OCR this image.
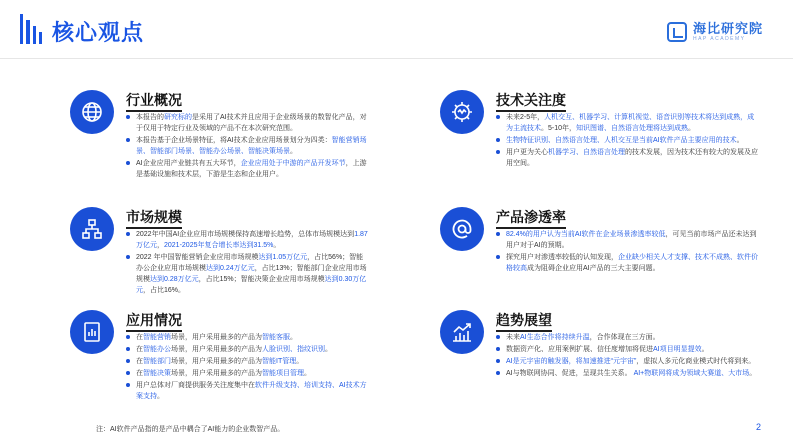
核心观点	海比研究院
HAP ACADEMY
行业概况
本报告的研究标的是采用了AI技术并且应用于企业级场景的数智化产品，对于仅用于特定行业及领域的产品不在本次研究范围。
本报告基于企业场景特征，将AI技术企业应用场景划分为四类：智能营销场景、智能部门场景、智能办公场景、智能决策场景。
AI企业应用产业链共有五大环节，企业应用处于中游的产品开发环节，上游是基础设施和技术层，下游是生态和企业用户。
市场规模
2022年中国AI企业应用市场规模保持高速增长趋势，总体市场规模达到1.87万亿元，2021-2025年复合增长率达到31.5%。
2022 年中国智能营销企业应用市场规模达到1.05万亿元，占比56%；智能办公企业应用市场规模达到0.24万亿元，占比13%；智能部门企业应用市场规模达到0.28万亿元，占比15%；智能决策企业应用市场规模达到0.30万亿元，占比16%。
应用情况
在智能营销场景，用户采用最多的产品为智能客服。
在智能办公场景，用户采用最多的产品为人脸识别、指纹识别。
在智能部门场景，用户采用最多的产品为智能IT管理。
在智能决策场景，用户采用最多的产品为智能项目管理。
用户总体对厂商提供服务关注度集中在软件升级支持、培训支持、AI技术方案支持。
技术关注度
未来2-5年，人机交互、机器学习、计算机视觉、语音识别等技术将达到成熟，成为主流技术。5-10年，知识图谱、自然语言处理将达到成熟。
生物特征识别、自然语言处理、人机交互是当前AI软件产品主要应用的技术。
用户更为关心机器学习、自然语言处理的技术发展，因为技术还有较大的发展及应用空间。
产品渗透率
82.4%的用户认为当前AI软件在企业场景渗透率较低，可见当前市场产品还未达到用户对于AI的预期。
探究用户对渗透率较低的认知发现，企业缺少相关人才支撑、技术不成熟、软件价格较高成为阻碍企业应用AI产品的三大主要问题。
趋势展望
未来AI生态合作将持续升温，合作体现在三方面。
数据资产化、应用案例扩展、信任度增加将促进AI项目明显提效。
AI是元宇宙的触发器，将加速推进“元宇宙”，虚拟人多元化商业模式时代将到来。
AI与物联网协同、促进，呈现共生关系。 AI+物联网将成为领域大赛道、大市场。
注：AI软件产品指的是产品中耦合了AI能力的企业数智产品。	2
